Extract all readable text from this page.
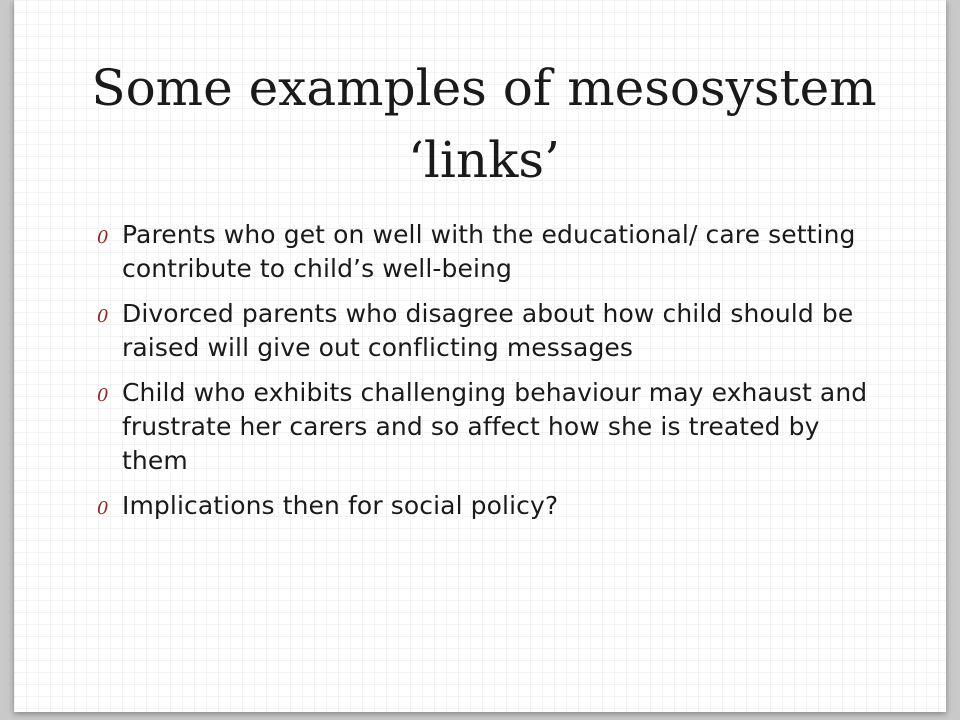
Some examples of mesosystem ‘links’
0 Parents who get on well with the educational/ care setting contribute to child’s well-being
0 Divorced parents who disagree about how child should be raised will give out conflicting messages
0 Child who exhibits challenging behaviour may exhaust and frustrate her carers and so affect how she is treated by them
0 Implications then for social policy?
